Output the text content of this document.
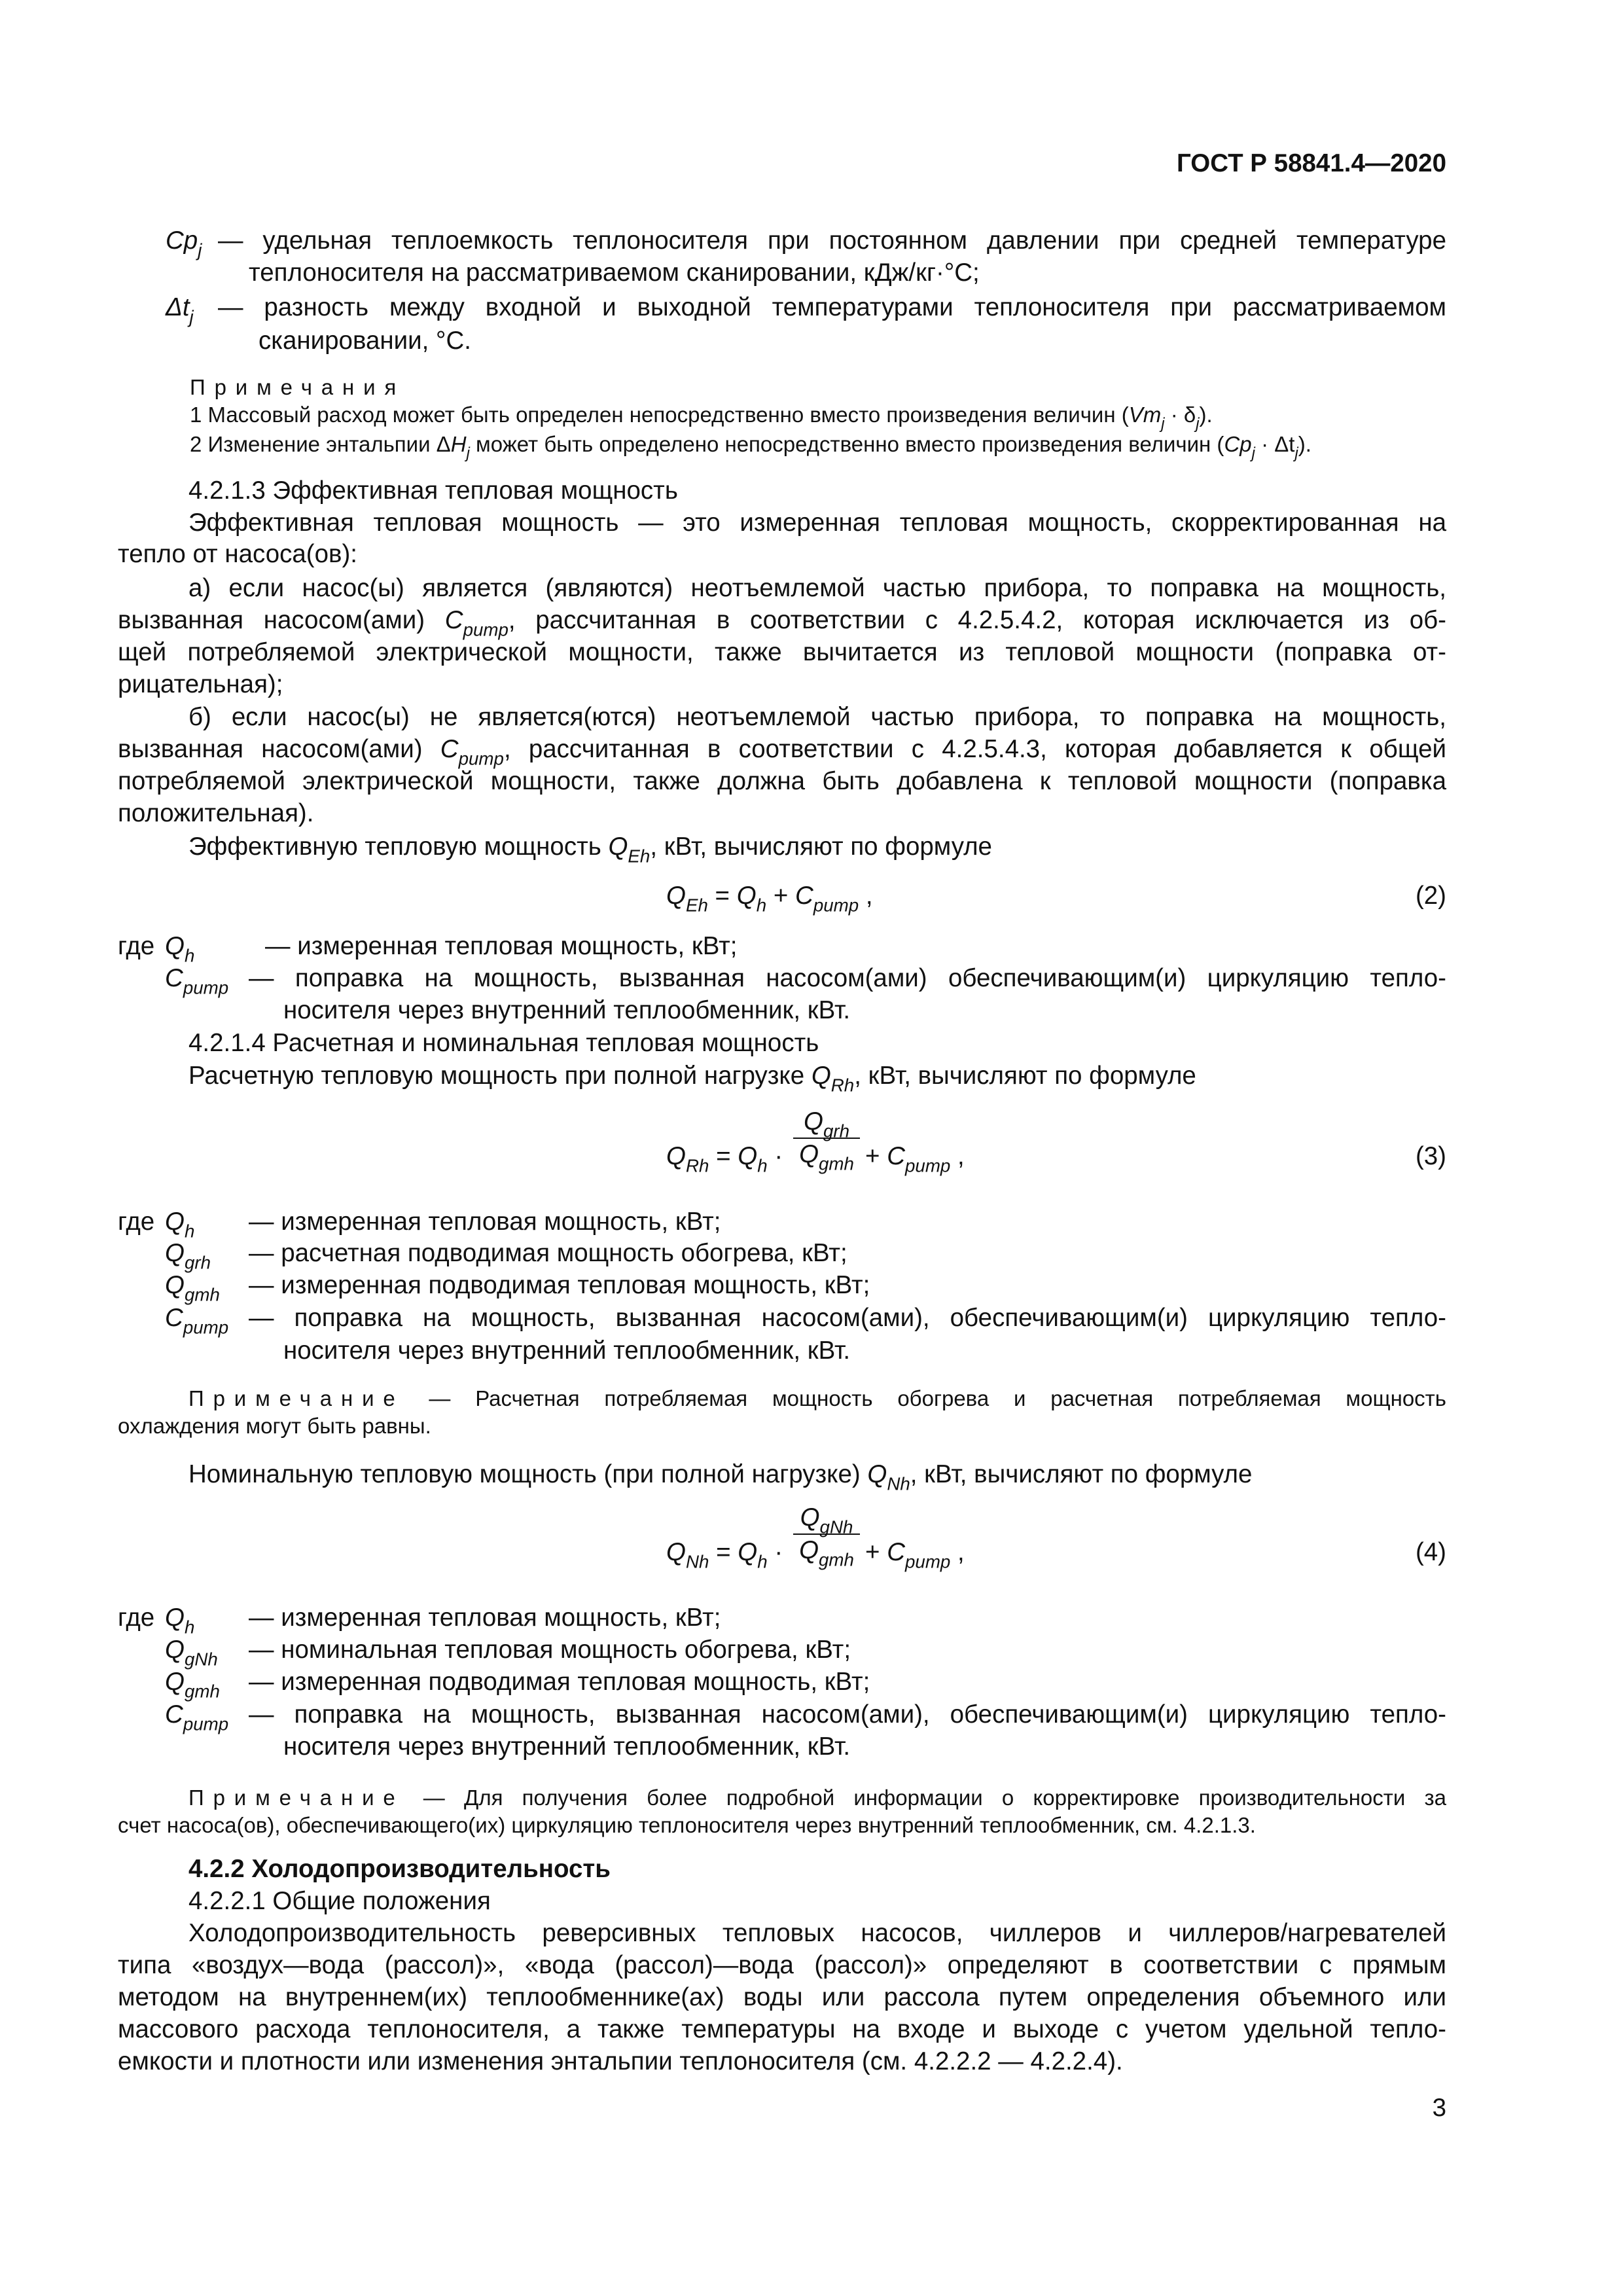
ГОСТ Р 58841.4—2020
$Cp_j$ — удельная теплоемкость теплоносителя при постоянном давлении при средней температуре
теплоносителя на рассматриваемом сканировании, кДж/кг·°С;
$\Delta t_j$ — разность между входной и выходной температурами теплоносителя при рассматриваемом
сканировании, °С.
Примечания
1 Массовый расход может быть определен непосредственно вместо произведения величин $(Vm_j \cdot \delta_j)$.
2 Изменение энтальпии $\Delta H_j$ может быть определено непосредственно вместо произведения величин $(Cp_j \cdot \Delta t_j)$.
4.2.1.3 Эффективная тепловая мощность
Эффективная тепловая мощность — это измеренная тепловая мощность, скорректированная на
тепло от насоса(ов):
а) если насос(ы) является (являются) неотъемлемой частью прибора, то поправка на мощность,
вызванная насосом(ами) $C_{pump}$, рассчитанная в соответствии с 4.2.5.4.2, которая исключается из об-
щей потребляемой электрической мощности, также вычитается из тепловой мощности (поправка от-
рицательная);
б) если насос(ы) не является(ются) неотъемлемой частью прибора, то поправка на мощность,
вызванная насосом(ами) $C_{pump}$, рассчитанная в соответствии с 4.2.5.4.3, которая добавляется к общей
потребляемой электрической мощности, также должна быть добавлена к тепловой мощности (поправка
положительная).
Эффективную тепловую мощность $Q_{Eh}$, кВт, вычисляют по формуле
$Q_{Eh} = Q_h + C_{pump}$ ,	(2)
где $Q_h$	— измеренная тепловая мощность, кВт;
$C_{pump}$ — поправка на мощность, вызванная насосом(ами) обеспечивающим(и) циркуляцию тепло-
носителя через внутренний теплообменник, кВт.
4.2.1.4 Расчетная и номинальная тепловая мощность
Расчетную тепловую мощность при полной нагрузке $Q_{Rh}$, кВт, вычисляют по формуле
$Q_{Rh} = Q_h$ ·
$Q_{grh}$
$Q_{gmh} + C_{pump}$ ,	(3)
где $Q_h$ — измеренная тепловая мощность, кВт;
$Q_{grh}$ — расчетная подводимая мощность обогрева, кВт;
$Q_{gmh}$ — измеренная подводимая тепловая мощность, кВт;
$C_{pump}$ — поправка на мощность, вызванная насосом(ами), обеспечивающим(и) циркуляцию тепло-
носителя через внутренний теплообменник, кВт.
Примечание — Расчетная потребляемая мощность обогрева и расчетная потребляемая мощность
охлаждения могут быть равны.
Номинальную тепловую мощность (при полной нагрузке) $Q_{Nh}$, кВт, вычисляют по формуле
$Q_{Nh} = Q_h$ ·
$Q_{gNh}$
$Q_{gmh} + C_{pump}$ ,	(4)
где $Q_h$ — измеренная тепловая мощность, кВт;
$Q_{gNh}$ — номинальная тепловая мощность обогрева, кВт;
$Q_{gmh}$ — измеренная подводимая тепловая мощность, кВт;
$C_{pump}$ — поправка на мощность, вызванная насосом(ами), обеспечивающим(и) циркуляцию тепло-
носителя через внутренний теплообменник, кВт.
Примечание — Для получения более подробной информации о корректировке производительности за
счет насоса(ов), обеспечивающего(их) циркуляцию теплоносителя через внутренний теплообменник, см. 4.2.1.3.
4.2.2 Холодопроизводительность
4.2.2.1 Общие положения
Холодопроизводительность реверсивных тепловых насосов, чиллеров и чиллеров/нагревателей
типа «воздух—вода (рассол)», «вода (рассол)—вода (рассол)» определяют в соответствии с прямым
методом на внутреннем(их) теплообменнике(ах) воды или рассола путем определения объемного или
массового расхода теплоносителя, а также температуры на входе и выходе с учетом удельной тепло-
емкости и плотности или изменения энтальпии теплоносителя (см. 4.2.2.2 — 4.2.2.4).
3
